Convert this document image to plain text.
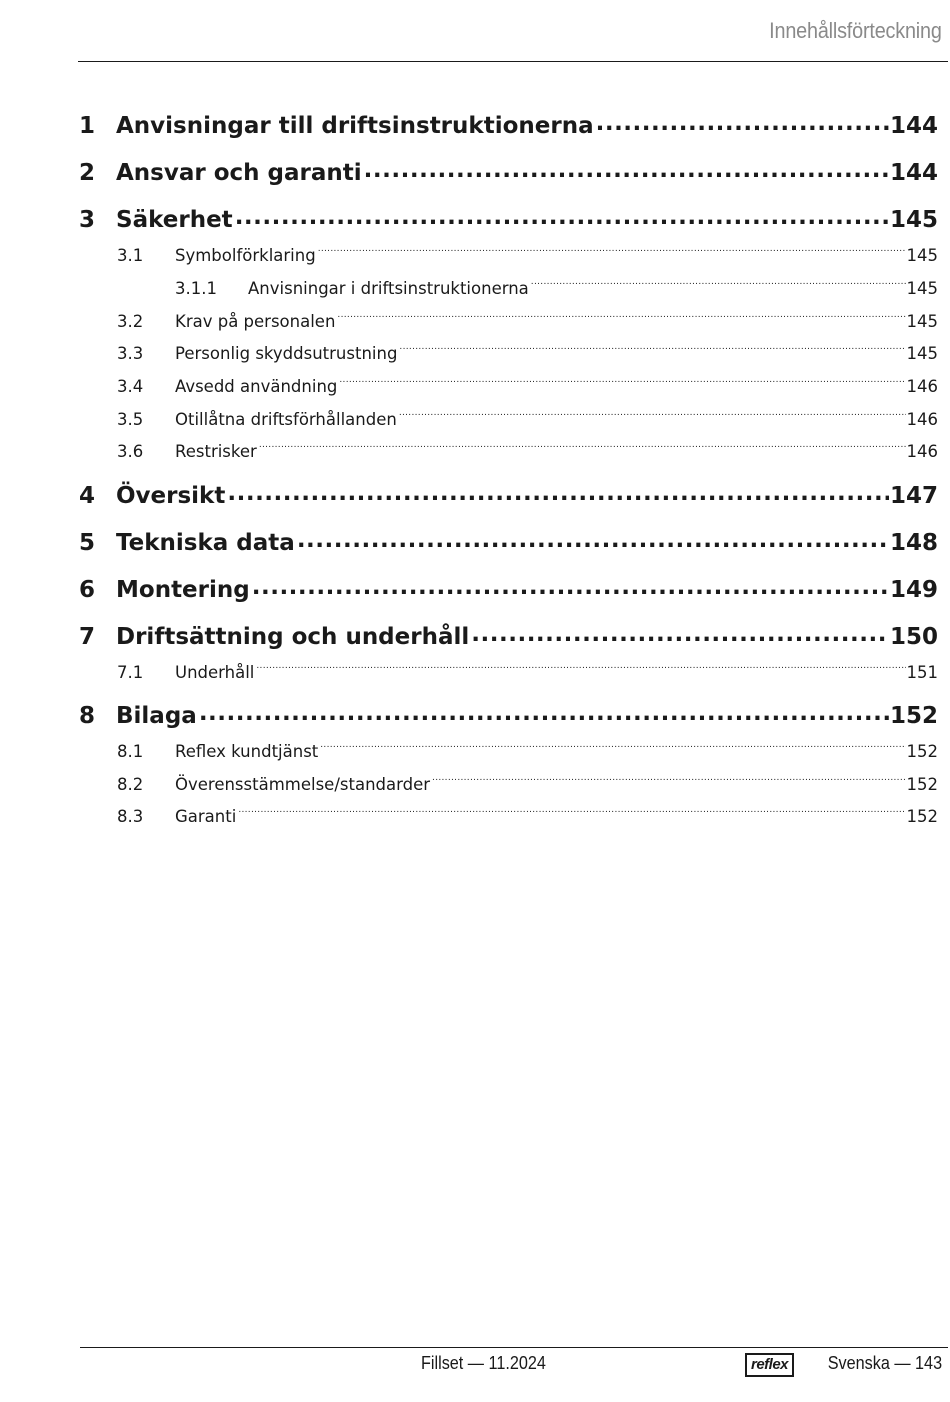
Innehållsförteckning
1 Anvisningar till driftsinstruktionerna .....	144
2 Ansvar och garanti .....	144
3 Säkerhet .....	145
3.1	Symbolförklaring .....	145
3.1.1	Anvisningar i driftsinstruktionerna .....	145
3.2	Krav på personalen .....	145
3.3	Personlig skyddsutrustning .....	145
3.4	Avsedd användning .....	146
3.5	Otillåtna driftsförhållanden .....	146
3.6	Restrisker .....	146
4 Översikt .....	147
5 Tekniska data .....	148
6 Montering .....	149
7 Driftsättning och underhåll .....	150
7.1	Underhåll .....	151
8 Bilaga .....	152
8.1	Reflex kundtjänst .....	152
8.2	Överensstämmelse/standarder .....	152
8.3	Garanti .....	152
Fillset — 11.2024	reflex	Svenska — 143
